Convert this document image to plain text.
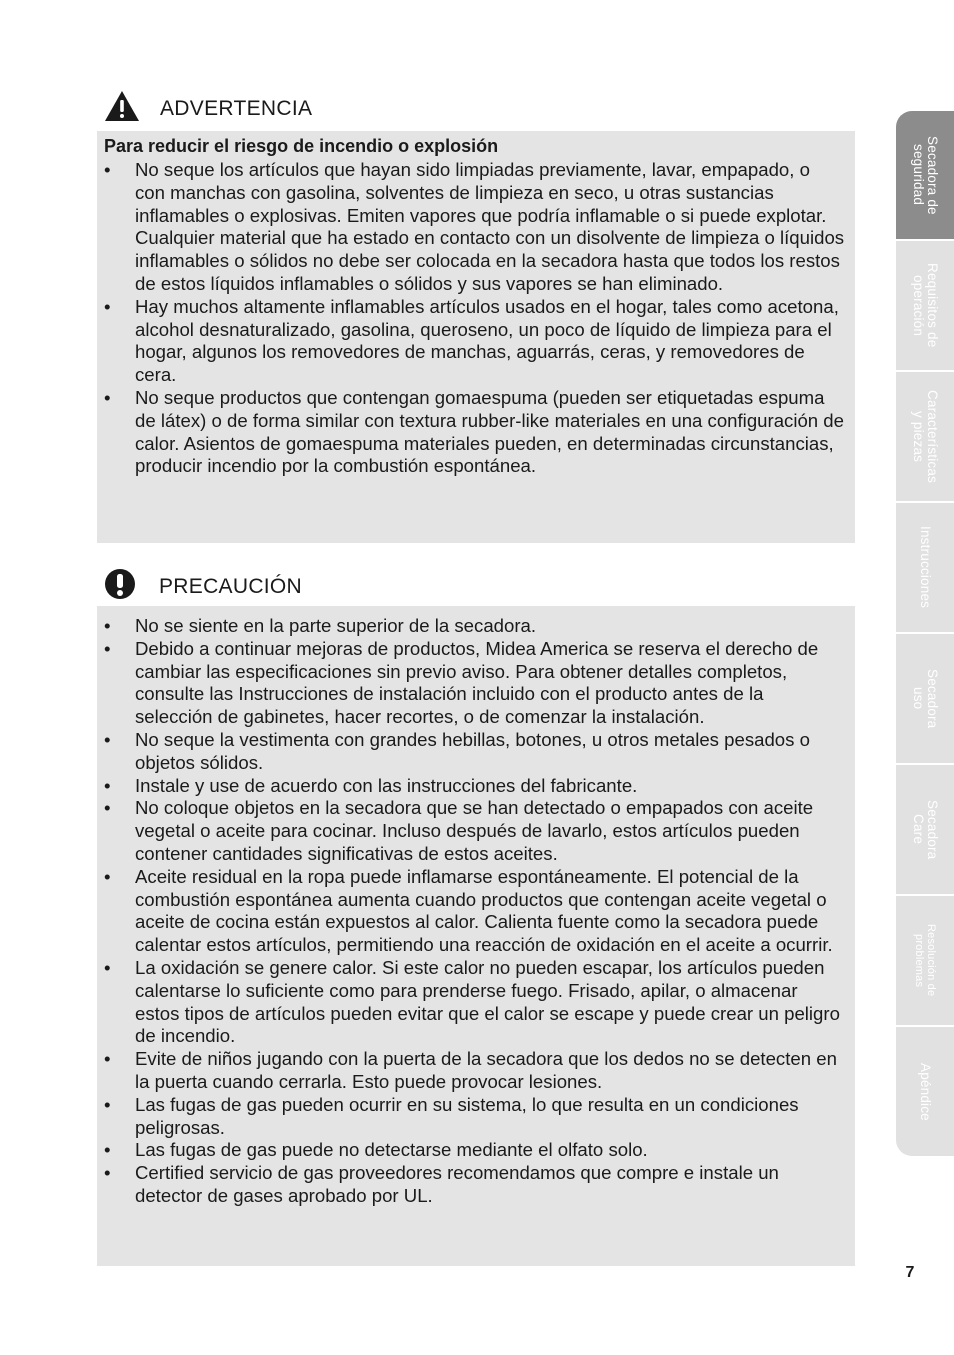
ADVERTENCIA

Para reducir el riesgo de incendio o explosión

• No seque los artículos que hayan sido limpiadas previamente, lavar, empapado, o con manchas con gasolina, solventes de limpieza en seco, u otras sustancias inflamables o explosivas. Emiten vapores que podría inflamable o si puede explotar. Cualquier material que ha estado en contacto con un disolvente de limpieza o líquidos inflamables o sólidos no debe ser colocada en la secadora hasta que todos los restos de estos líquidos inflamables o sólidos y sus vapores se han eliminado.
• Hay muchos altamente inflamables artículos usados en el hogar, tales como acetona, alcohol desnaturalizado, gasolina, queroseno, un poco de líquido de limpieza para el hogar, algunos los removedores de manchas, aguarrás, ceras, y removedores de cera.
• No seque productos que contengan gomaespuma (pueden ser etiquetadas espuma de látex) o de forma similar con textura rubber-like materiales en una configuración de calor. Asientos de gomaespuma materiales pueden, en determinadas circunstancias, producir incendio por la combustión espontánea.
PRECAUCIÓN
• No se siente en la parte superior de la secadora.
• Debido a continuar mejoras de productos, Midea America se reserva el derecho de cambiar las especificaciones sin previo aviso. Para obtener detalles completos, consulte las Instrucciones de instalación incluido con el producto antes de la selección de gabinetes, hacer recortes, o de comenzar la instalación.
• No seque la vestimenta con grandes hebillas, botones, u otros metales pesados o objetos sólidos.
• Instale y use de acuerdo con las instrucciones del fabricante.
• No coloque objetos en la secadora que se han detectado o empapados con aceite vegetal o aceite para cocinar. Incluso después de lavarlo, estos artículos pueden contener cantidades significativas de estos aceites.
• Aceite residual en la ropa puede inflamarse espontáneamente. El potencial de la combustión espontánea aumenta cuando productos que contengan aceite vegetal o aceite de cocina están expuestos al calor. Calienta fuente como la secadora puede calentar estos artículos, permitiendo una reacción de oxidación en el aceite a ocurrir.
• La oxidación se genere calor. Si este calor no pueden escapar, los artículos pueden calentarse lo suficiente como para prenderse fuego. Frisado, apilar, o almacenar estos tipos de artículos pueden evitar que el calor se escape y puede crear un peligro de incendio.
• Evite de niños jugando con la puerta de la secadora que los dedos no se detecten en la puerta cuando cerrarla. Esto puede provocar lesiones.
• Las fugas de gas pueden ocurrir en su sistema, lo que resulta en un condiciones peligrosas.
• Las fugas de gas puede no detectarse mediante el olfato solo.
• Certified servicio de gas proveedores recomendamos que compre e instale un detector de gases aprobado por UL.
Secadora de
seguridad
Requisitos de
operación
Características
y piezas
Instrucciones
Secadora
uso
Secadora
Care
Resolución de
problemas
Apéndice
7
